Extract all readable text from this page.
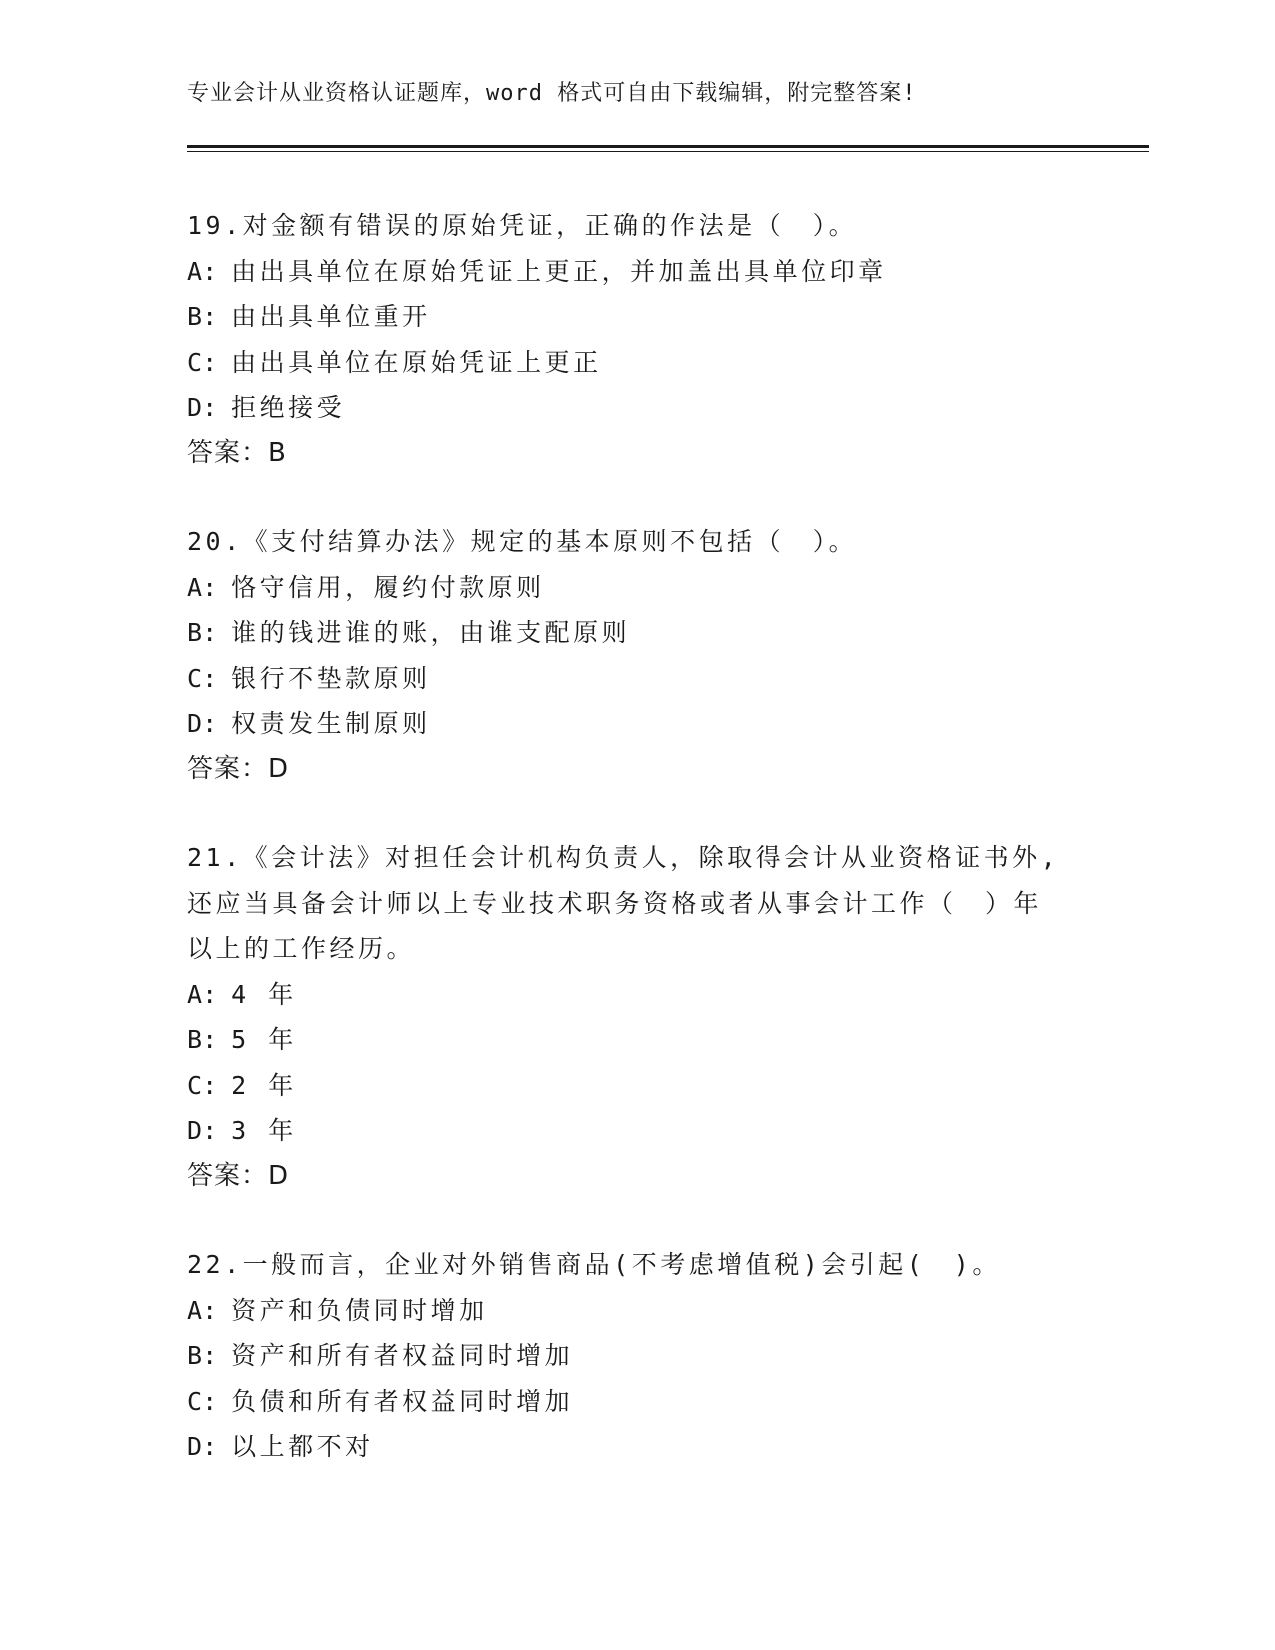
专业会计从业资格认证题库，word 格式可自由下载编辑，附完整答案!
19.对金额有错误的原始凭证，正确的作法是（　）。
A: 由出具单位在原始凭证上更正，并加盖出具单位印章
B: 由出具单位重开
C: 由出具单位在原始凭证上更正
D: 拒绝接受
答案：B
20.《支付结算办法》规定的基本原则不包括（　）。
A: 恪守信用，履约付款原则
B: 谁的钱进谁的账，由谁支配原则
C: 银行不垫款原则
D: 权责发生制原则
答案：D
21.《会计法》对担任会计机构负责人，除取得会计从业资格证书外,
还应当具备会计师以上专业技术职务资格或者从事会计工作（　）年
以上的工作经历。
A: 4 年
B: 5 年
C: 2 年
D: 3 年
答案：D
22.一般而言，企业对外销售商品(不考虑增值税)会引起(　)。
A: 资产和负债同时增加
B: 资产和所有者权益同时增加
C: 负债和所有者权益同时增加
D: 以上都不对
